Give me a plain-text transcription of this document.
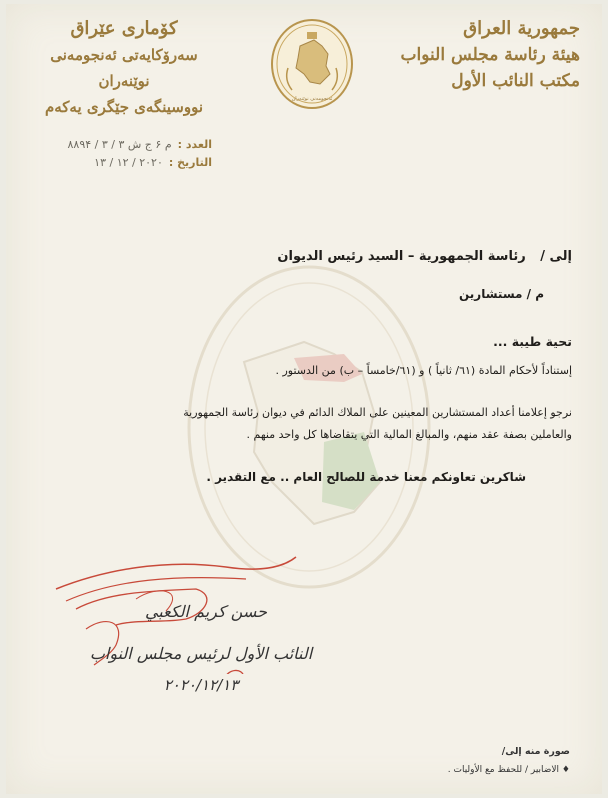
جمهورية العراق
هيئة رئاسة مجلس النواب
مكتب النائب الأول
كۆماری عێراق
سەرۆکایەتی ئەنجومەنی نوێنەران
نووسینگەی جێگری یەکەم	ئەنجومەنی نوێنەران
العدد :
م ۶ ج ش ۳ / ۳ / ۸۸۹۴
التاريخ :
۲۰۲۰ / ۱۲ / ۱۳
إلى / رئاسة الجمهورية – السيد رئيس الديوان
م / مستشارين
تحية طيبة ...
إستناداً لأحكام المادة (٦١/ ثانياً ) و (٦١/خامساً – ب) من الدستور .
نرجو إعلامنا أعداد المستشارين المعينين على الملاك الدائم في ديوان رئاسة الجمهورية
والعاملين بصفة عقد منهم، والمبالغ المالية التي يتقاضاها كل واحد منهم .
شاكرين تعاونكم معنا خدمة للصالح العام .. مع التقدير .
حسن كريم الكعبي
النائب الأول لرئيس مجلس النواب
٢٠٢٠/١٢/١٣
صورة منه إلى/
♦ الاضابير / للحفظ مع الأوليات .
